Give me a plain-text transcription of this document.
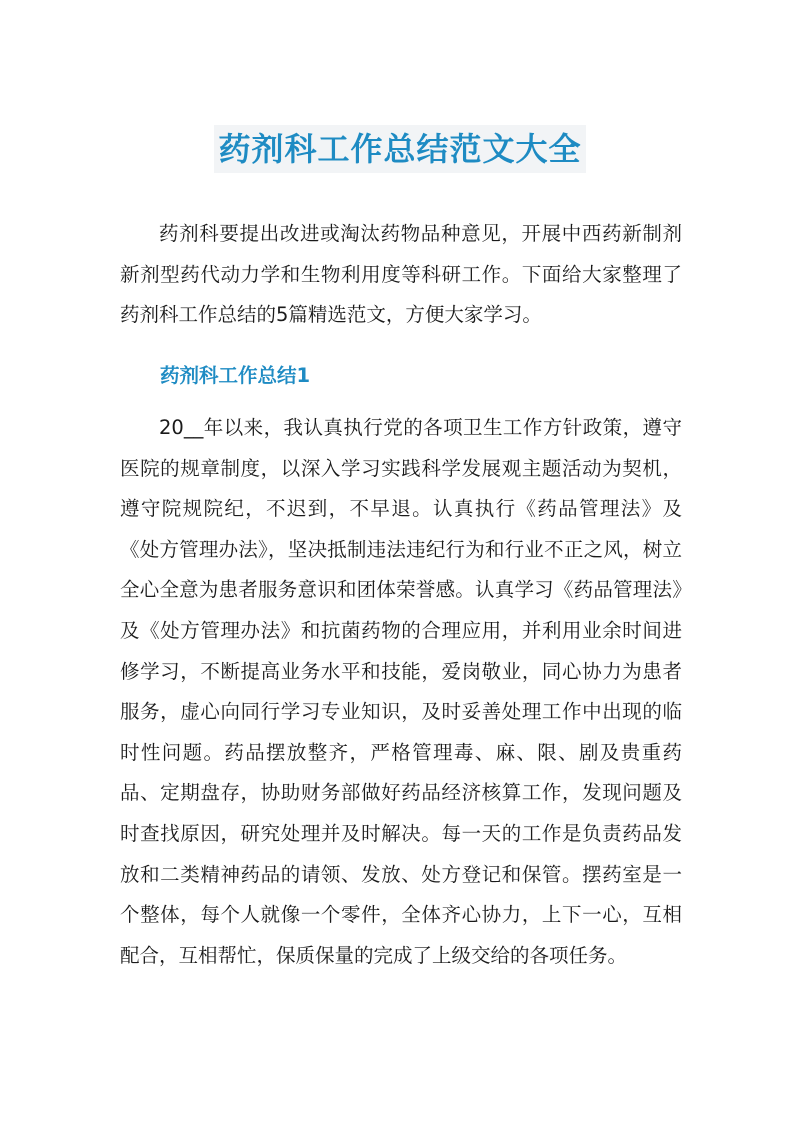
药剂科工作总结范文大全

药剂科要提出改进或淘汰药物品种意见，开展中西药新制剂新剂型药代动力学和生物利用度等科研工作。下面给大家整理了药剂科工作总结的5篇精选范文，方便大家学习。

药剂科工作总结1

20__年以来，我认真执行党的各项卫生工作方针政策，遵守医院的规章制度，以深入学习实践科学发展观主题活动为契机，遵守院规院纪，不迟到，不早退。认真执行《药品管理法》及《处方管理办法》，坚决抵制违法违纪行为和行业不正之风，树立全心全意为患者服务意识和团体荣誉感。认真学习《药品管理法》及《处方管理办法》和抗菌药物的合理应用，并利用业余时间进修学习，不断提高业务水平和技能，爱岗敬业，同心协力为患者服务，虚心向同行学习专业知识，及时妥善处理工作中出现的临时性问题。药品摆放整齐，严格管理毒、麻、限、剧及贵重药品、定期盘存，协助财务部做好药品经济核算工作，发现问题及时查找原因，研究处理并及时解决。每一天的工作是负责药品发放和二类精神药品的请领、发放、处方登记和保管。摆药室是一个整体，每个人就像一个零件，全体齐心协力，上下一心，互相配合，互相帮忙，保质保量的完成了上级交给的各项任务。
